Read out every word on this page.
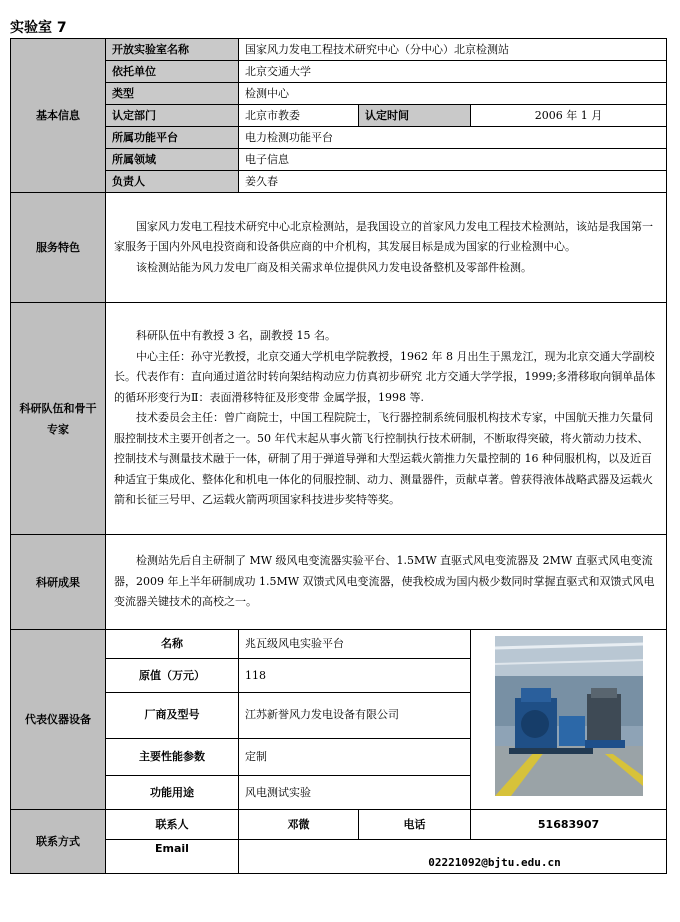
实验室 7
基本信息	开放实验室名称	国家风力发电工程技术研究中心（分中心）北京检测站		
	依托单位	北京交通大学		
	类型	检测中心		
	认定部门	北京市教委	认定时间	2006 年 1 月
	所属功能平台	电力检测功能平台		
	所属领域	电子信息		
	负责人	姜久春		
服务特色	国家风力发电工程技术研究中心北京检测站，是我国设立的首家风力发电工程技术检测站，该站是我国第一家服务于国内外风电投资商和设备供应商的中介机构，其发展目标是成为国家的行业检测中心。

该检测站能为风力发电厂商及相关需求单位提供风力发电设备整机及零部件检测。			

科研队伍和骨干专家	科研队伍中有教授 3 名，副教授 15 名。

中心主任：孙守光教授，北京交通大学机电学院教授，1962 年 8 月出生于黑龙江，现为北京交通大学副校长。代表作有：直向通过道岔时转向架结构动应力仿真初步研究 北方交通大学学报，1999;多滑移取向铜单晶体的循环形变行为Ⅱ：表面滑移特征及形变带 金属学报，1998 等.

技术委员会主任：曾广商院士，中国工程院院士，飞行器控制系统伺服机构技术专家，中国航天推力矢量伺服控制技术主要开创者之一。50 年代末起从事火箭飞行控制执行技术研制，不断取得突破，将火箭动力技术、控制技术与测量技术融于一体，研制了用于弹道导弹和大型运载火箭推力矢量控制的 16 种伺服机构，以及近百种适宜于集成化、整体化和机电一体化的伺服控制、动力、测量器件，贡献卓著。曾获得液体战略武器及运载火箭和长征三号甲、乙运载火箭两项国家科技进步奖特等奖。			

科研成果	检测站先后自主研制了 MW 级风电变流器实验平台、1.5MW 直驱式风电变流器及 2MW 直驱式风电变流器，2009 年上半年研制成功 1.5MW 双馈式风电变流器，使我校成为国内极少数同时掌握直驱式和双馈式风电变流器关键技术的高校之一。			

代表仪器设备	名称	兆瓦级风电实验平台	
	原值（万元）	118		
	厂商及型号	江苏新誉风力发电设备有限公司		
	主要性能参数	定制		
	功能用途	风电测试实验		
联系方式	联系人	邓微	电话	51683907
	Email	02221092@bjtu.edu.cn		
